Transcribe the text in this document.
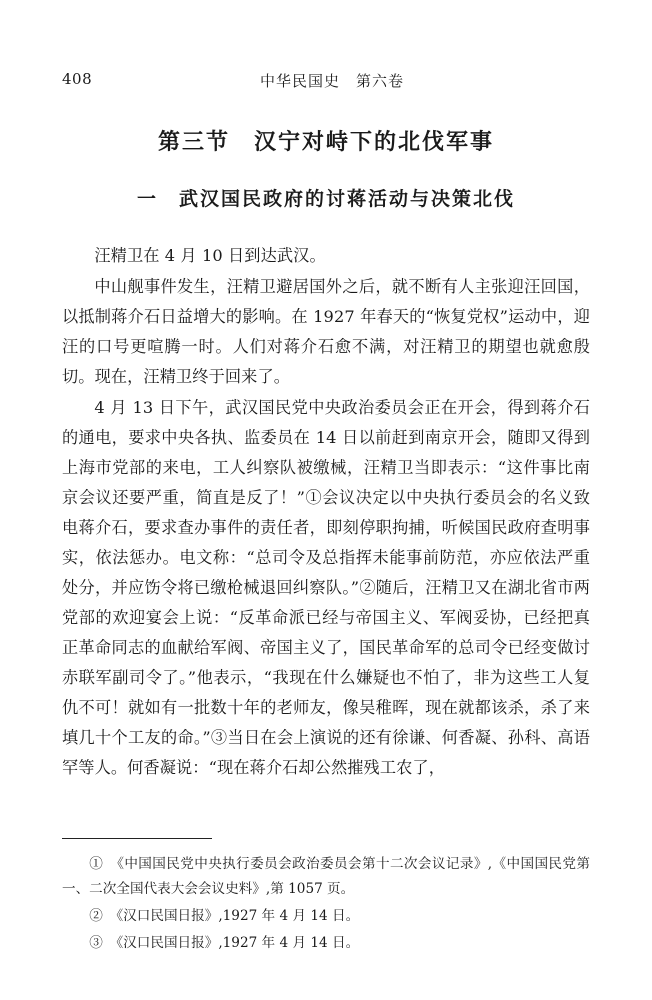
408	中华民国史　第六卷
第三节　汉宁对峙下的北伐军事
一　武汉国民政府的讨蒋活动与决策北伐

汪精卫在 4 月 10 日到达武汉。

中山舰事件发生，汪精卫避居国外之后，就不断有人主张迎汪回国，以抵制蒋介石日益增大的影响。在 1927 年春天的“恢复党权”运动中，迎汪的口号更喧腾一时。人们对蒋介石愈不满，对汪精卫的期望也就愈殷切。现在，汪精卫终于回来了。

4 月 13 日下午，武汉国民党中央政治委员会正在开会，得到蒋介石的通电，要求中央各执、监委员在 14 日以前赶到南京开会，随即又得到上海市党部的来电，工人纠察队被缴械，汪精卫当即表示：“这件事比南京会议还要严重，简直是反了！”①会议决定以中央执行委员会的名义致电蒋介石，要求查办事件的责任者，即刻停职拘捕，听候国民政府查明事实，依法惩办。电文称：“总司令及总指挥未能事前防范，亦应依法严重处分，并应饬令将已缴枪械退回纠察队。”②随后，汪精卫又在湖北省市两党部的欢迎宴会上说：“反革命派已经与帝国主义、军阀妥协，已经把真正革命同志的血献给军阀、帝国主义了，国民革命军的总司令已经变做讨赤联军副司令了。”他表示，“我现在什么嫌疑也不怕了，非为这些工人复仇不可！就如有一批数十年的老师友，像吴稚晖，现在就都该杀，杀了来填几十个工友的命。”③当日在会上演说的还有徐谦、何香凝、孙科、高语罕等人。何香凝说：“现在蒋介石却公然摧残工农了，

①　《中国国民党中央执行委员会政治委员会第十二次会议记录》,《中国国民党第一、二次全国代表大会会议史料》,第 1057 页。

②　《汉口民国日报》,1927 年 4 月 14 日。

③　《汉口民国日报》,1927 年 4 月 14 日。
